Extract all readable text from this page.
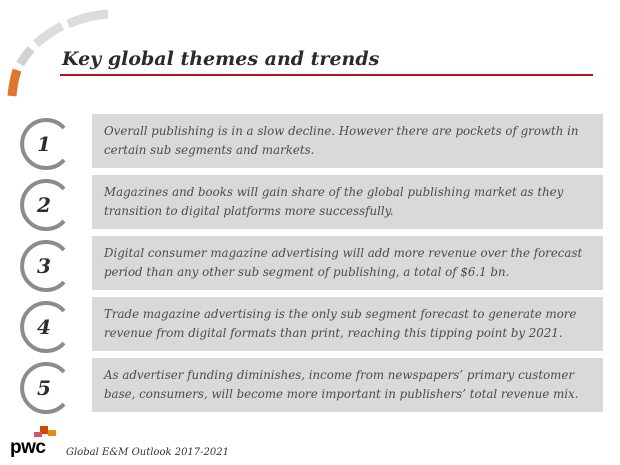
Key global themes and trends
1

Overall publishing is in a slow decline. However there are pockets of growth in certain sub segments and markets.

2

Magazines and books will gain share of the global publishing market as they transition to digital platforms more successfully.

3

Digital consumer magazine advertising will add more revenue over the forecast period than any other sub segment of publishing, a total of $6.1 bn.

4

Trade magazine advertising is the only sub segment forecast to generate more revenue from digital formats than print, reaching this tipping point by 2021.

5

As advertiser funding diminishes, income from newspapers’ primary customer base, consumers, will become more important in publishers’ total revenue mix.

pwc Global E&M Outlook 2017-2021
